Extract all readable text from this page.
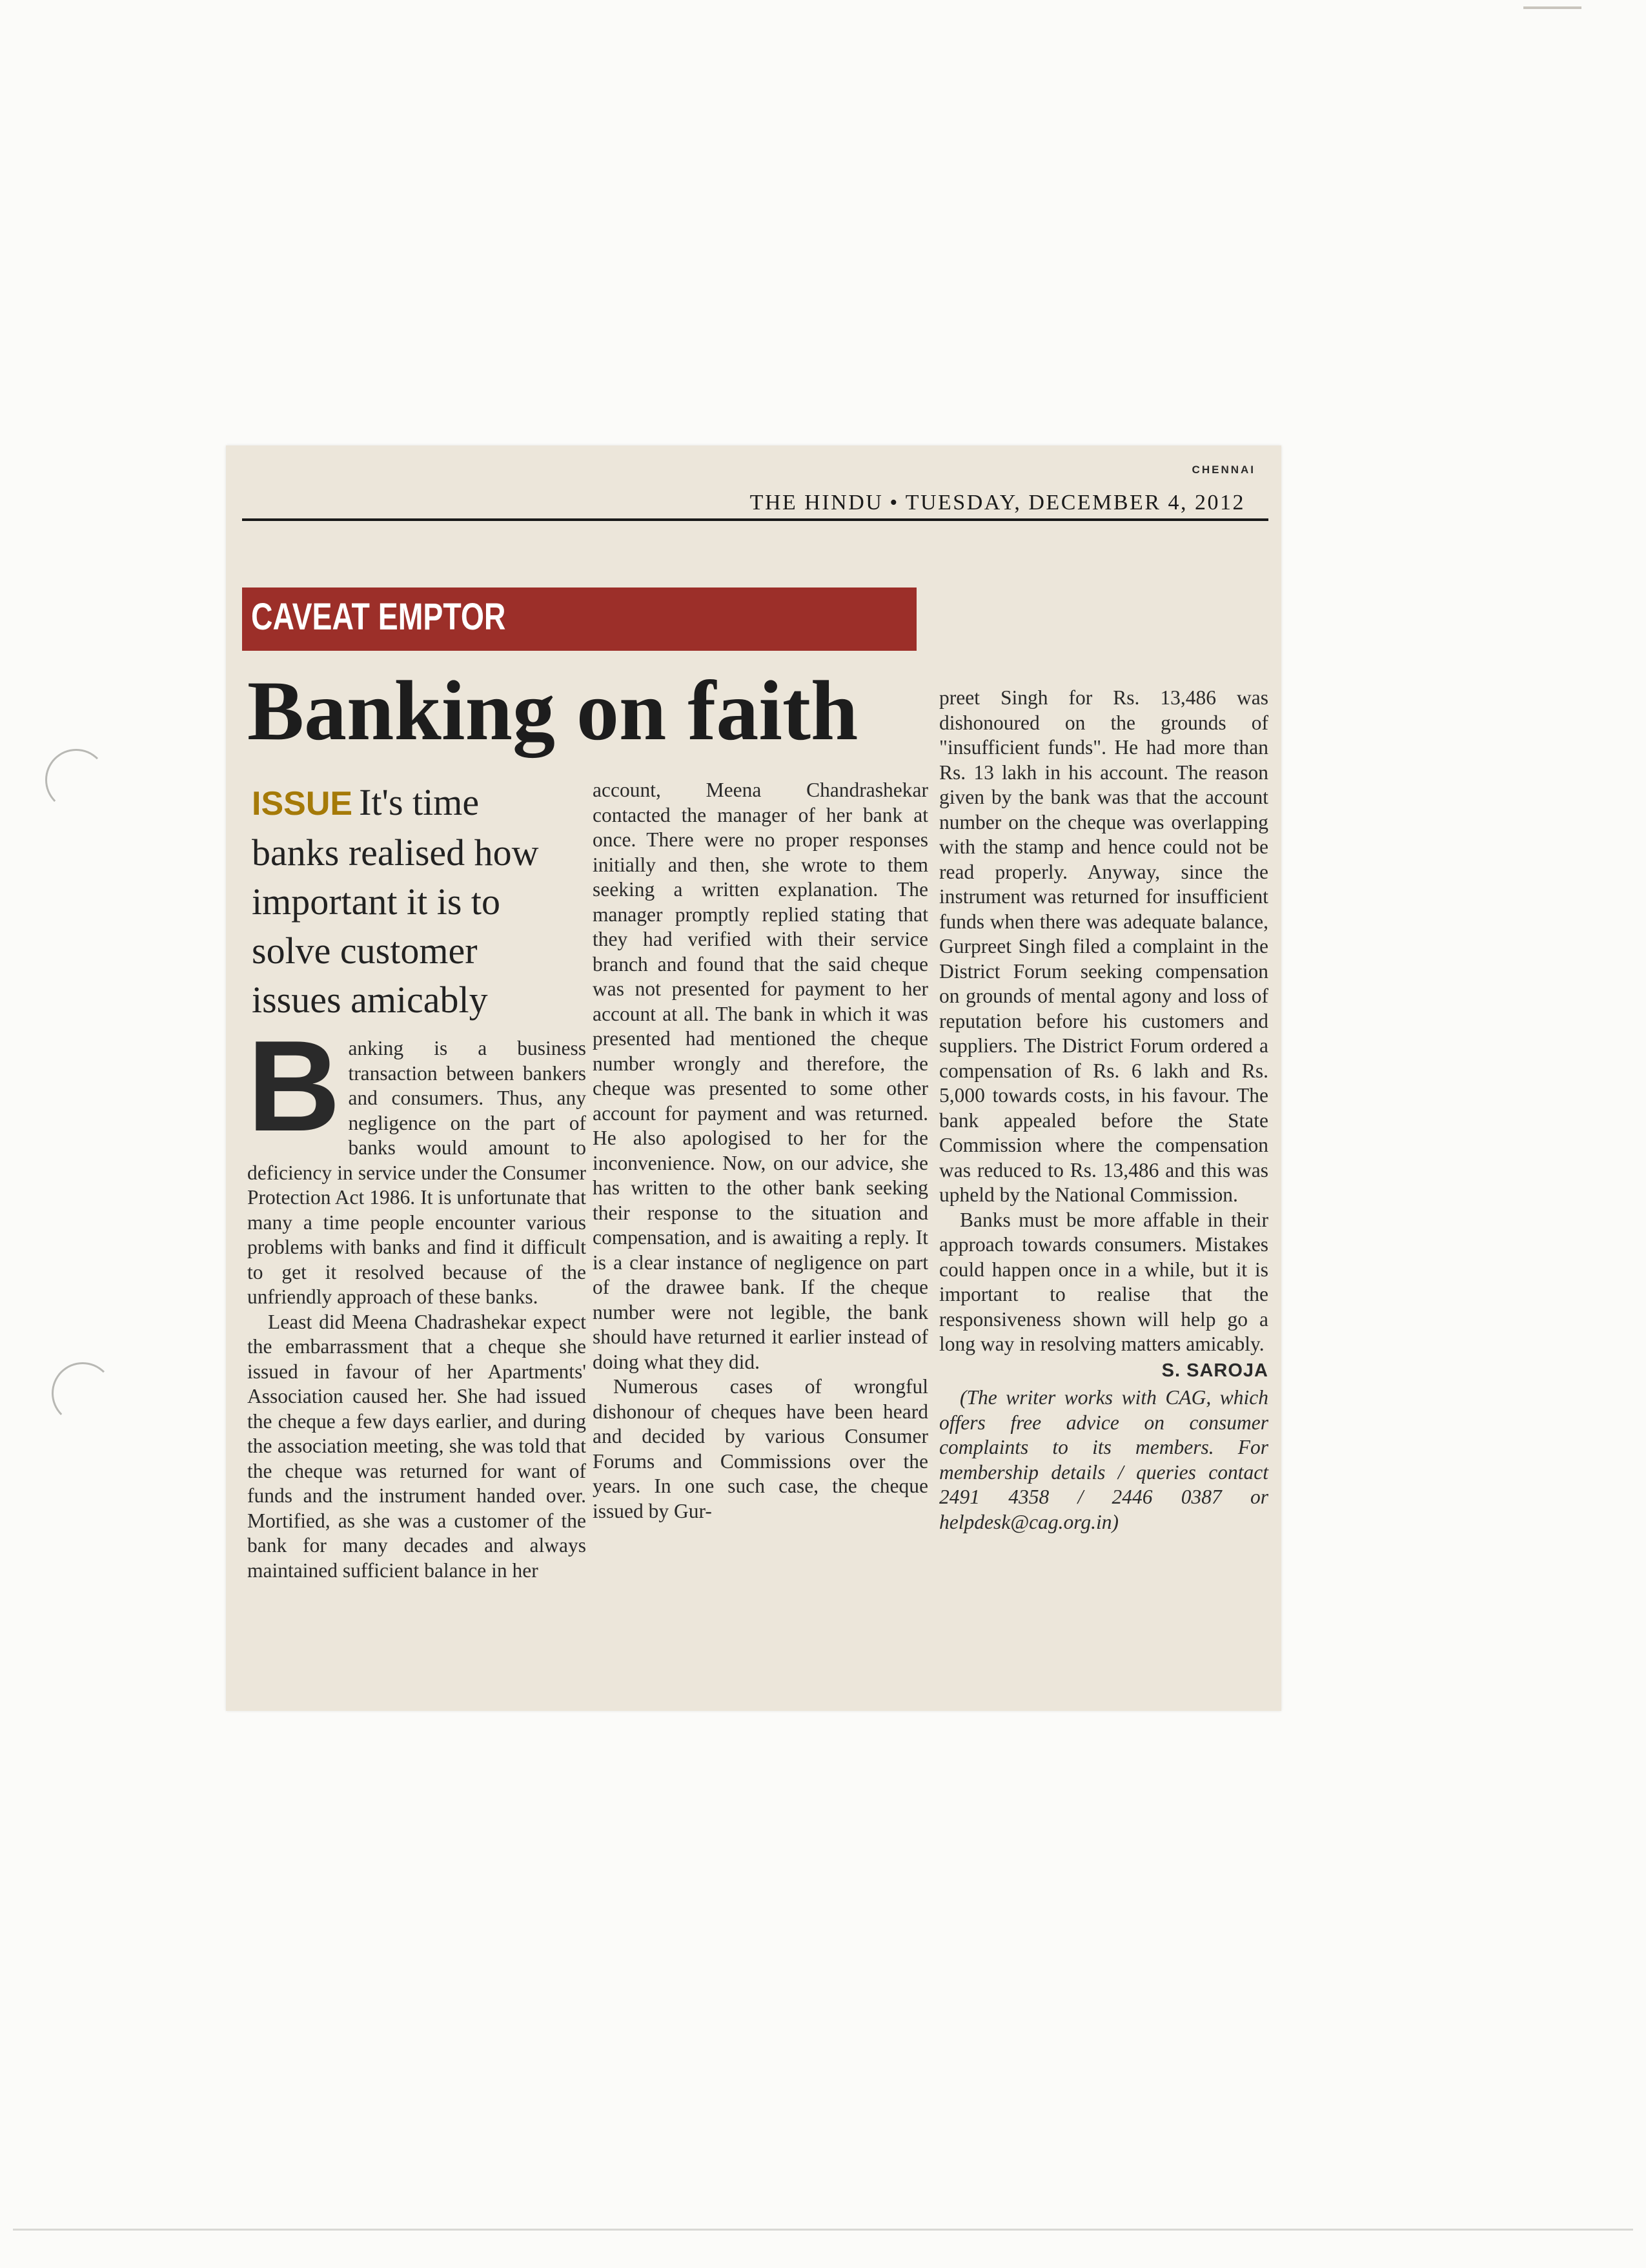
CHENNAI
THE HINDU • TUESDAY, DECEMBER 4, 2012
CAVEAT EMPTOR
Banking on faith
ISSUE It's time banks realised how important it is to solve customer issues amicably

Banking is a business transaction between bankers and consumers. Thus, any negligence on the part of banks would amount to deficiency in service under the Consumer Protection Act 1986. It is unfortunate that many a time people encounter various problems with banks and find it difficult to get it resolved because of the unfriendly approach of these banks.

Least did Meena Chadrashekar expect the embarrassment that a cheque she issued in favour of her Apartments' Association caused her. She had issued the cheque a few days earlier, and during the association meeting, she was told that the cheque was returned for want of funds and the instrument handed over. Mortified, as she was a customer of the bank for many decades and always maintained sufficient balance in her

account, Meena Chandrashekar contacted the manager of her bank at once. There were no proper responses initially and then, she wrote to them seeking a written explanation. The manager promptly replied stating that they had verified with their service branch and found that the said cheque was not presented for payment to her account at all. The bank in which it was presented had mentioned the cheque number wrongly and therefore, the cheque was presented to some other account for payment and was returned. He also apologised to her for the inconvenience. Now, on our advice, she has written to the other bank seeking their response to the situation and compensation, and is awaiting a reply. It is a clear instance of negligence on part of the drawee bank. If the cheque number were not legible, the bank should have returned it earlier instead of doing what they did.

Numerous cases of wrongful dishonour of cheques have been heard and decided by various Consumer Forums and Commissions over the years. In one such case, the cheque issued by Gur-

preet Singh for Rs. 13,486 was dishonoured on the grounds of "insufficient funds". He had more than Rs. 13 lakh in his account. The reason given by the bank was that the account number on the cheque was overlapping with the stamp and hence could not be read properly. Anyway, since the instrument was returned for insufficient funds when there was adequate balance, Gurpreet Singh filed a complaint in the District Forum seeking compensation on grounds of mental agony and loss of reputation before his customers and suppliers. The District Forum ordered a compensation of Rs. 6 lakh and Rs. 5,000 towards costs, in his favour. The bank appealed before the State Commission where the compensation was reduced to Rs. 13,486 and this was upheld by the National Commission.

Banks must be more affable in their approach towards consumers. Mistakes could happen once in a while, but it is important to realise that the responsiveness shown will help go a long way in resolving matters amicably.

S. SAROJA

(The writer works with CAG, which offers free advice on consumer complaints to its members. For membership details / queries contact 2491 4358 / 2446 0387 or helpdesk@cag.org.in)
